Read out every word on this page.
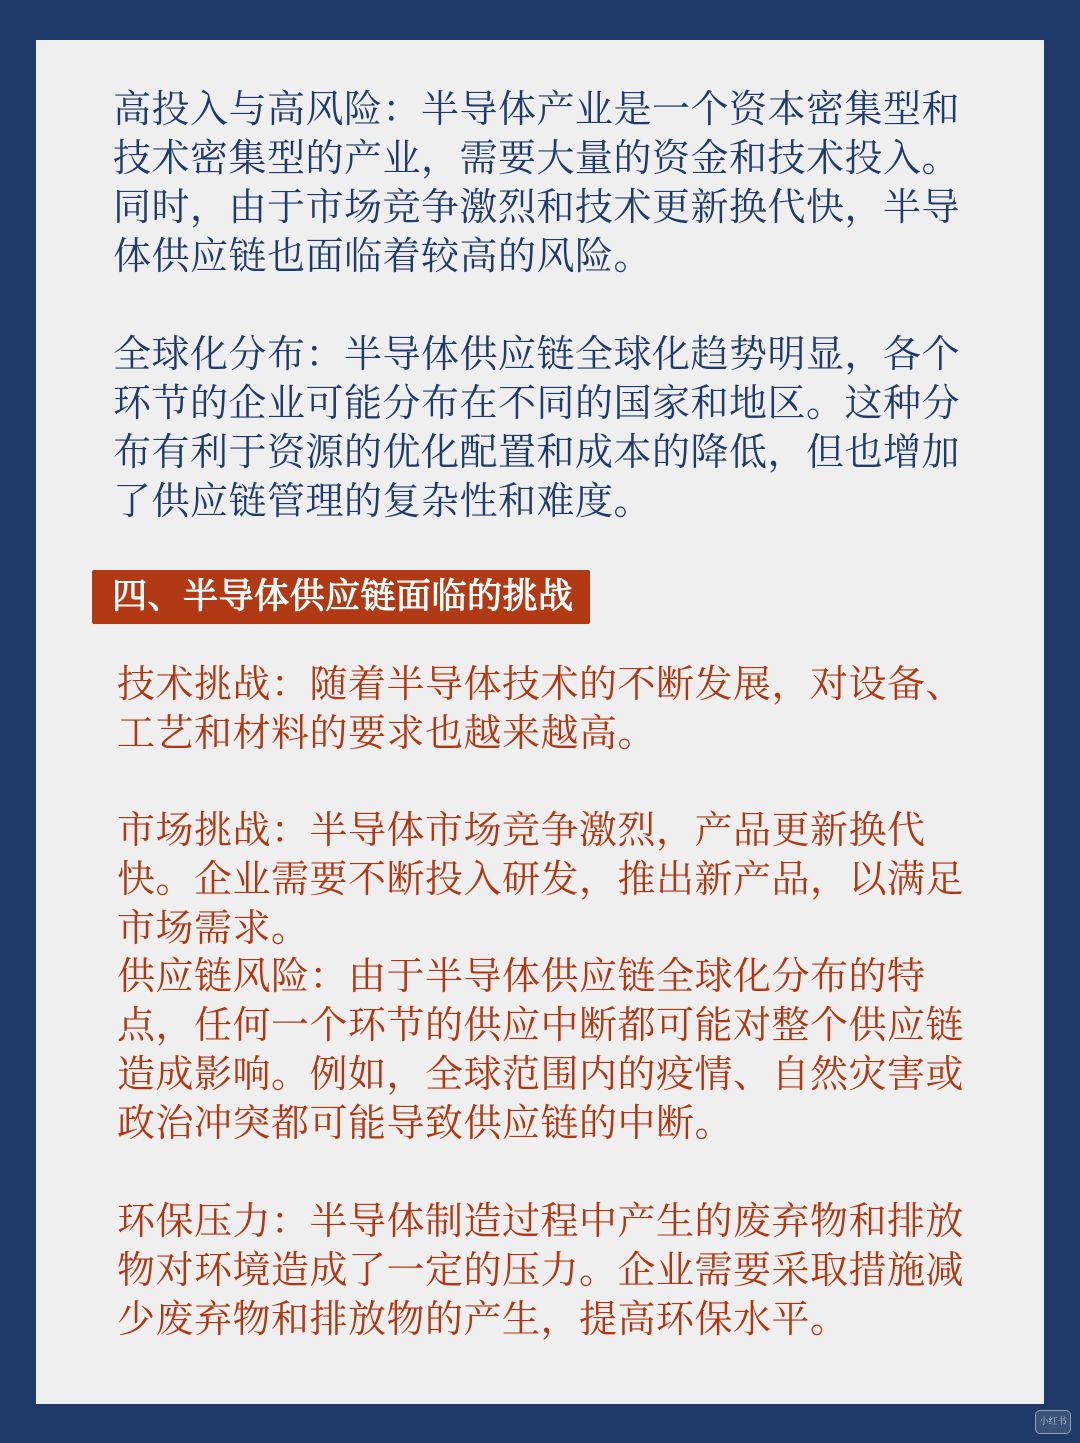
高投入与高风险：半导体产业是一个资本密集型和技术密集型的产业，需要大量的资金和技术投入。同时，由于市场竞争激烈和技术更新换代快，半导体供应链也面临着较高的风险。

全球化分布：半导体供应链全球化趋势明显，各个环节的企业可能分布在不同的国家和地区。这种分布有利于资源的优化配置和成本的降低，但也增加了供应链管理的复杂性和难度。

四、半导体供应链面临的挑战

技术挑战：随着半导体技术的不断发展，对设备、工艺和材料的要求也越来越高。

市场挑战：半导体市场竞争激烈，产品更新换代快。企业需要不断投入研发，推出新产品，以满足市场需求。

供应链风险：由于半导体供应链全球化分布的特点，任何一个环节的供应中断都可能对整个供应链造成影响。例如，全球范围内的疫情、自然灾害或政治冲突都可能导致供应链的中断。

环保压力：半导体制造过程中产生的废弃物和排放物对环境造成了一定的压力。企业需要采取措施减少废弃物和排放物的产生，提高环保水平。

小红书
